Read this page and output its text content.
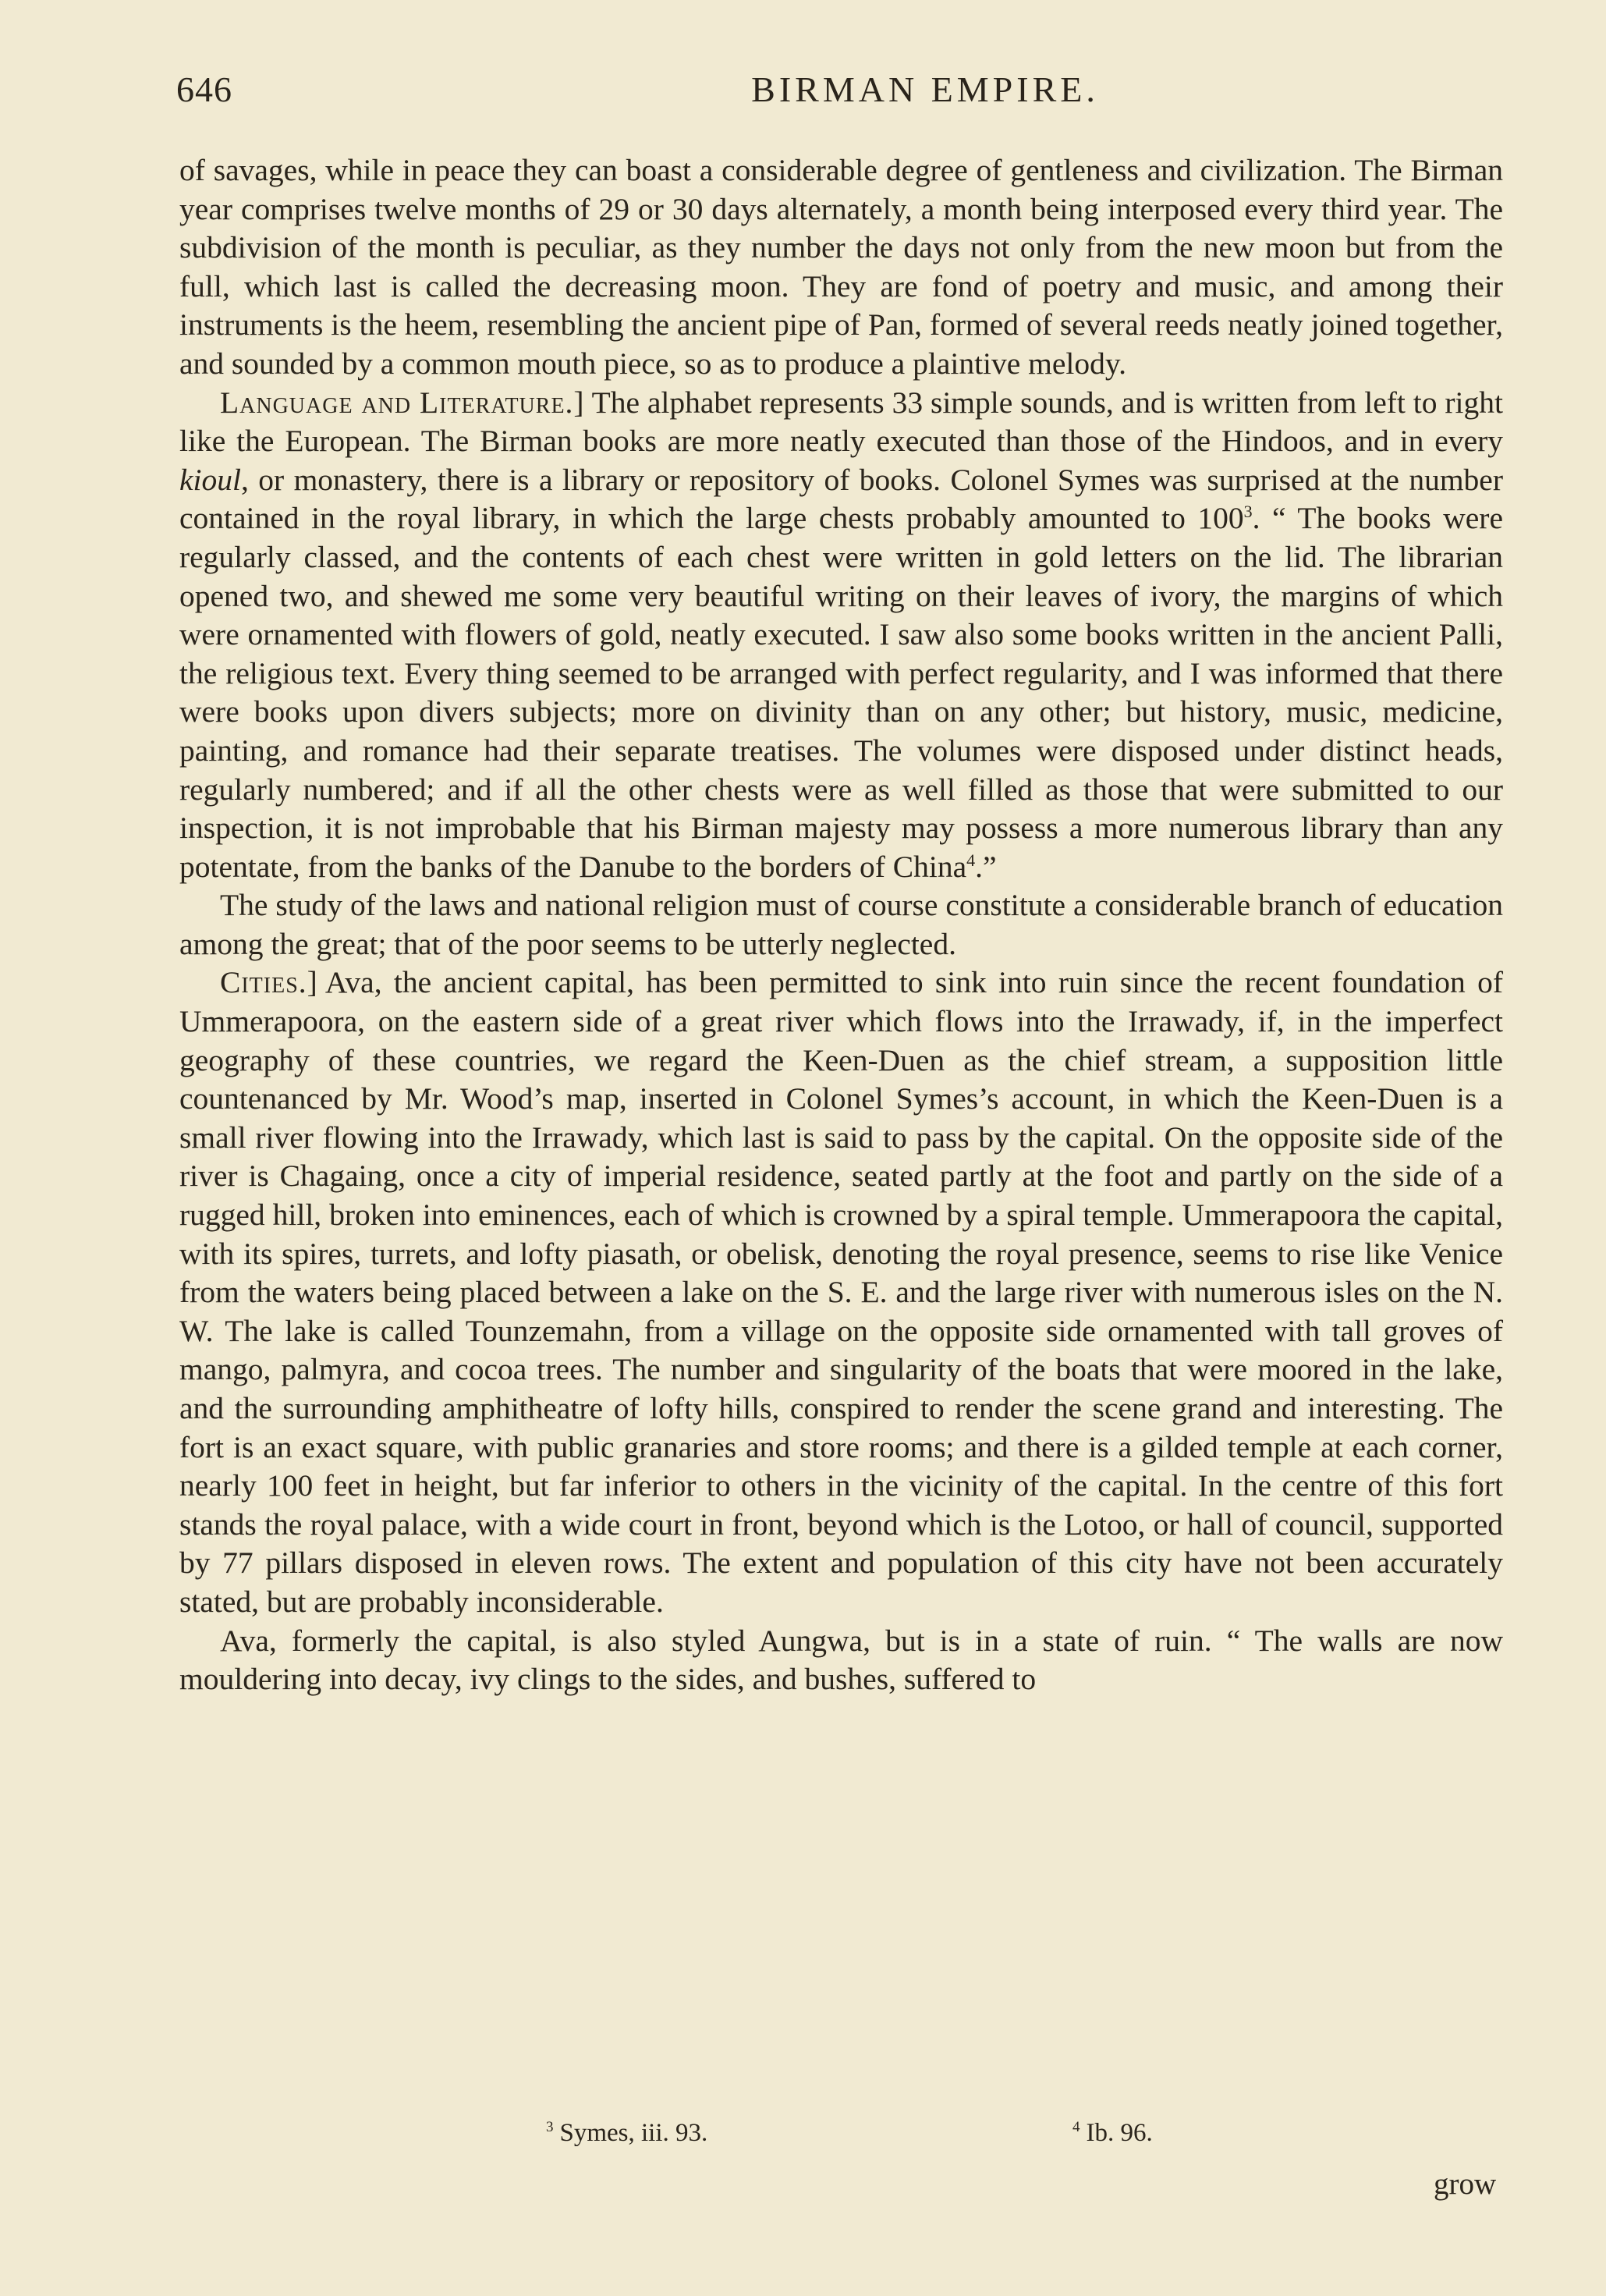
646	BIRMAN EMPIRE.

of savages, while in peace they can boast a considerable degree of gentleness and civilization. The Birman year comprises twelve months of 29 or 30 days alternately, a month being interposed every third year. The subdivision of the month is peculiar, as they number the days not only from the new moon but from the full, which last is called the decreasing moon. They are fond of poetry and music, and among their instruments is the heem, resembling the ancient pipe of Pan, formed of several reeds neatly joined together, and sounded by a common mouth piece, so as to produce a plaintive melody.

Language and Literature.] The alphabet represents 33 simple sounds, and is written from left to right like the European. The Birman books are more neatly executed than those of the Hindoos, and in every kioul, or monastery, there is a library or repository of books. Colonel Symes was surprised at the number contained in the royal library, in which the large chests probably amounted to $100^3$. “ The books were regularly classed, and the contents of each chest were written in gold letters on the lid. The librarian opened two, and shewed me some very beautiful writing on their leaves of ivory, the margins of which were ornamented with flowers of gold, neatly executed. I saw also some books written in the ancient Palli, the religious text. Every thing seemed to be arranged with perfect regularity, and I was informed that there were books upon divers subjects; more on divinity than on any other; but history, music, medicine, painting, and romance had their separate treatises. The volumes were disposed under distinct heads, regularly numbered; and if all the other chests were as well filled as those that were submitted to our inspection, it is not improbable that his Birman majesty may possess a more numerous library than any potentate, from the banks of the Danube to the borders of China$^4$.”

The study of the laws and national religion must of course constitute a considerable branch of education among the great; that of the poor seems to be utterly neglected.

Cities.] Ava, the ancient capital, has been permitted to sink into ruin since the recent foundation of Ummerapoora, on the eastern side of a great river which flows into the Irrawady, if, in the imperfect geography of these countries, we regard the Keen-Duen as the chief stream, a supposition little countenanced by Mr. Wood’s map, inserted in Colonel Symes’s account, in which the Keen-Duen is a small river flowing into the Irrawady, which last is said to pass by the capital. On the opposite side of the river is Chagaing, once a city of imperial residence, seated partly at the foot and partly on the side of a rugged hill, broken into eminences, each of which is crowned by a spiral temple. Ummerapoora the capital, with its spires, turrets, and lofty piasath, or obelisk, denoting the royal presence, seems to rise like Venice from the waters being placed between a lake on the S. E. and the large river with numerous isles on the N. W. The lake is called Tounzemahn, from a village on the opposite side ornamented with tall groves of mango, palmyra, and cocoa trees. The number and singularity of the boats that were moored in the lake, and the surrounding amphitheatre of lofty hills, conspired to render the scene grand and interesting. The fort is an exact square, with public granaries and store rooms; and there is a gilded temple at each corner, nearly 100 feet in height, but far inferior to others in the vicinity of the capital. In the centre of this fort stands the royal palace, with a wide court in front, beyond which is the Lotoo, or hall of council, supported by 77 pillars disposed in eleven rows. The extent and population of this city have not been accurately stated, but are probably inconsiderable.

Ava, formerly the capital, is also styled Aungwa, but is in a state of ruin. “ The walls are now mouldering into decay, ivy clings to the sides, and bushes, suffered to

$^3$ Symes, iii. 93.	$^4$ Ib. 96.
grow
